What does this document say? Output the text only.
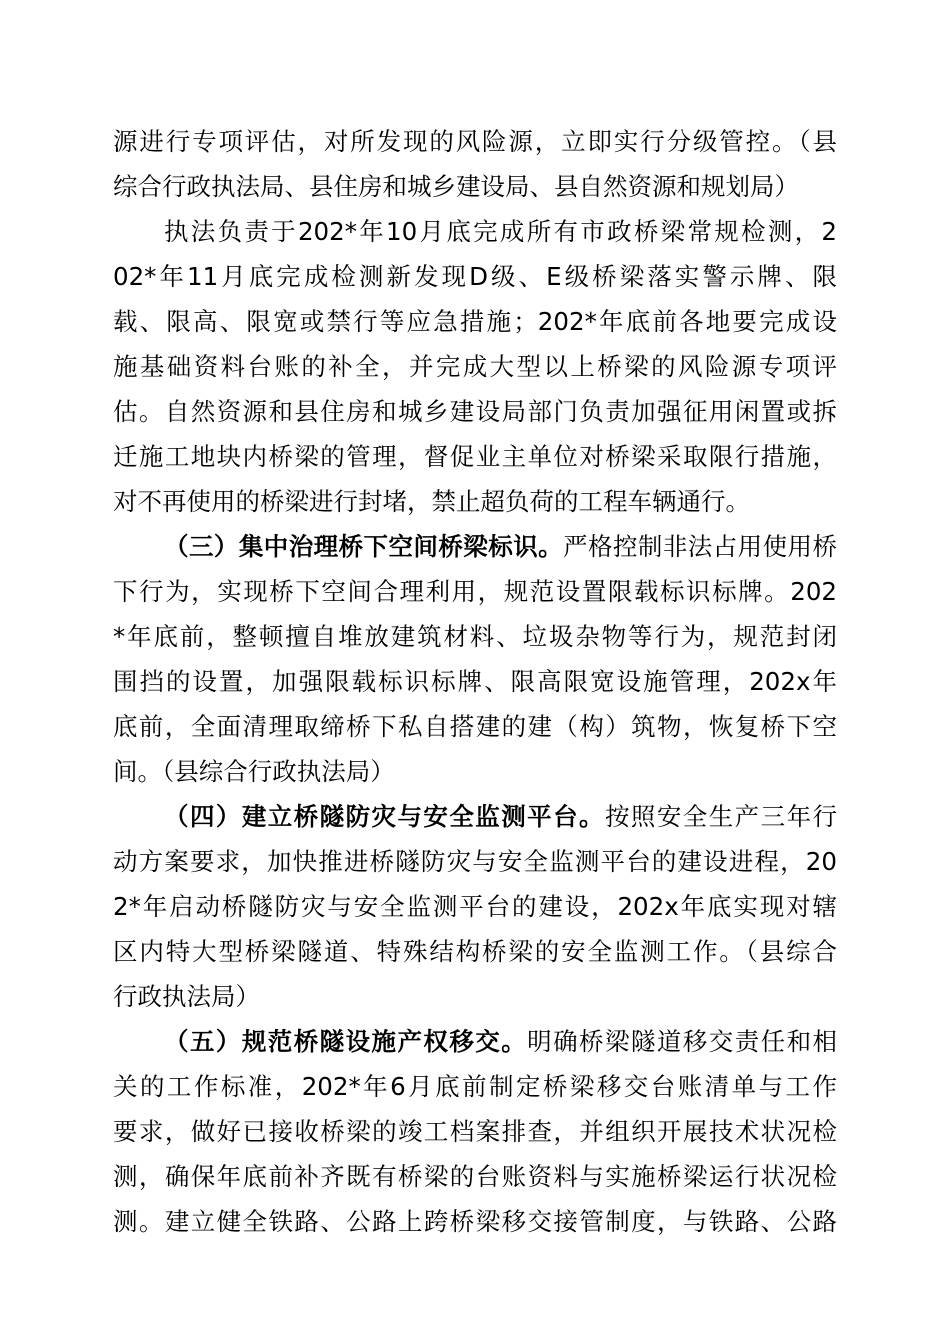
源进行专项评估，对所发现的风险源，立即实行分级管控。（县
综合行政执法局、县住房和城乡建设局、县自然资源和规划局）
执法负责于202*年10月底完成所有市政桥梁常规检测，2
02*年11月底完成检测新发现D级、E级桥梁落实警示牌、限
载、限高、限宽或禁行等应急措施；202*年底前各地要完成设
施基础资料台账的补全，并完成大型以上桥梁的风险源专项评
估。自然资源和县住房和城乡建设局部门负责加强征用闲置或拆
迁施工地块内桥梁的管理，督促业主单位对桥梁采取限行措施，
对不再使用的桥梁进行封堵，禁止超负荷的工程车辆通行。
（三）集中治理桥下空间桥梁标识。严格控制非法占用使用桥
下行为，实现桥下空间合理利用，规范设置限载标识标牌。202
*年底前，整顿擅自堆放建筑材料、垃圾杂物等行为，规范封闭
围挡的设置，加强限载标识标牌、限高限宽设施管理，202x年
底前，全面清理取缔桥下私自搭建的建（构）筑物，恢复桥下空
间。（县综合行政执法局）
（四）建立桥隧防灾与安全监测平台。按照安全生产三年行
动方案要求，加快推进桥隧防灾与安全监测平台的建设进程，20
2*年启动桥隧防灾与安全监测平台的建设，202x年底实现对辖
区内特大型桥梁隧道、特殊结构桥梁的安全监测工作。（县综合
行政执法局）
（五）规范桥隧设施产权移交。明确桥梁隧道移交责任和相
关的工作标准，202*年6月底前制定桥梁移交台账清单与工作
要求，做好已接收桥梁的竣工档案排查，并组织开展技术状况检
测，确保年底前补齐既有桥梁的台账资料与实施桥梁运行状况检
测。建立健全铁路、公路上跨桥梁移交接管制度，与铁路、公路
